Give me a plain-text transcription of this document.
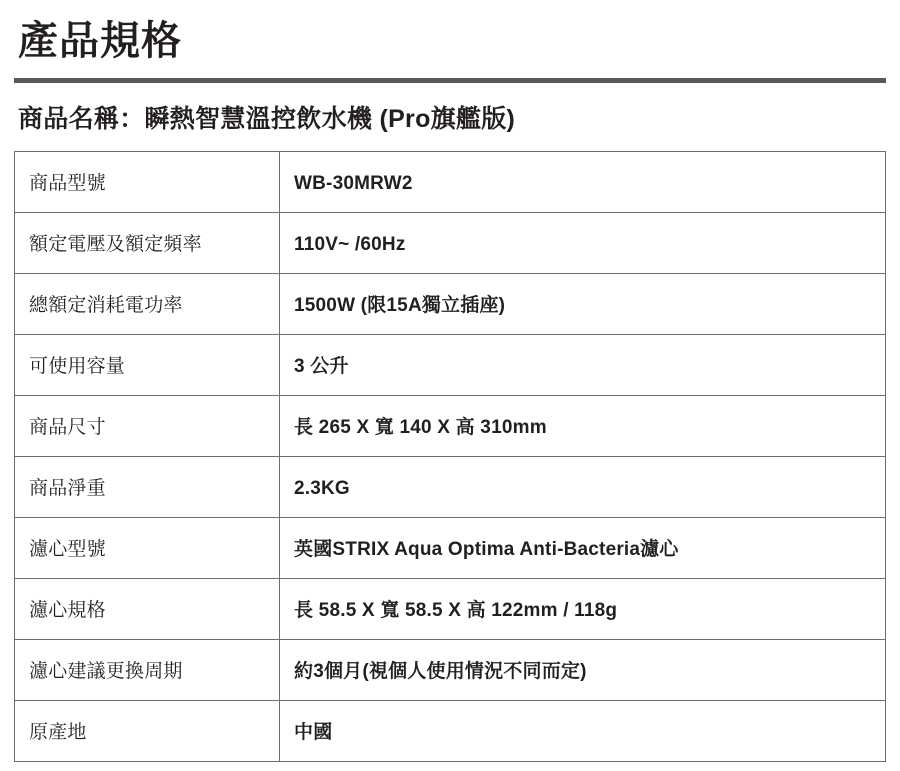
產品規格
商品名稱：瞬熱智慧溫控飲水機 (Pro旗艦版)
商品型號	WB-30MRW2
額定電壓及額定頻率	110V~ /60Hz
總額定消耗電功率	1500W (限15A獨立插座)
可使用容量	3 公升
商品尺寸	長 265 X 寬 140 X 高 310mm
商品淨重	2.3KG
濾心型號	英國STRIX Aqua Optima Anti-Bacteria濾心
濾心規格	長 58.5 X 寬 58.5 X 高 122mm / 118g
濾心建議更換周期	約3個月(視個人使用情況不同而定)
原產地	中國
